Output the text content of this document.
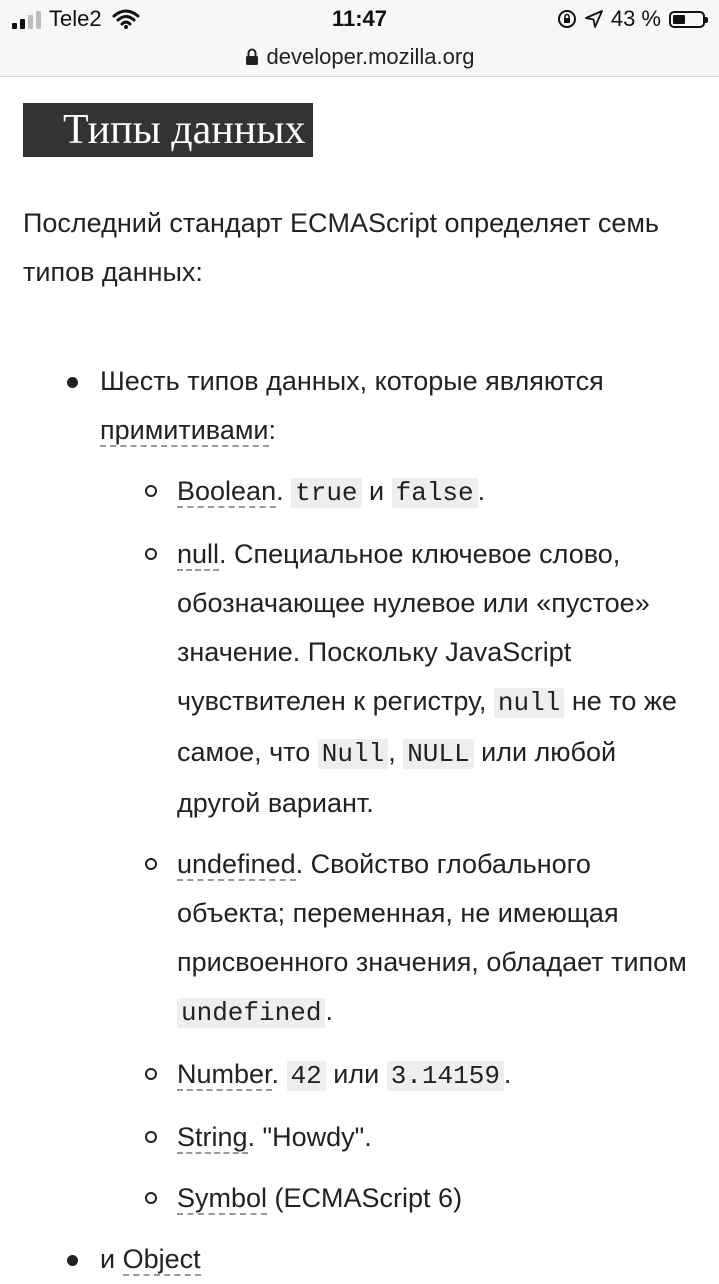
Tele2	11:47	43 %
developer.mozilla.org
Типы данных

Последний стандарт ECMAScript определяет семь типов данных:

Шесть типов данных, которые являются примитивами:
Boolean. true и false .
null. Специальное ключевое слово, обозначающее нулевое или «пустое» значение. Поскольку JavaScript чувствителен к регистру, null не то же самое, что Null , NULL или любой другой вариант.
undefined. Свойство глобального объекта; переменная, не имеющая присвоенного значения, обладает типом undefined .
Number. 42 или 3.14159 .
String. "Howdy".
Symbol (ECMAScript 6)
и Object
